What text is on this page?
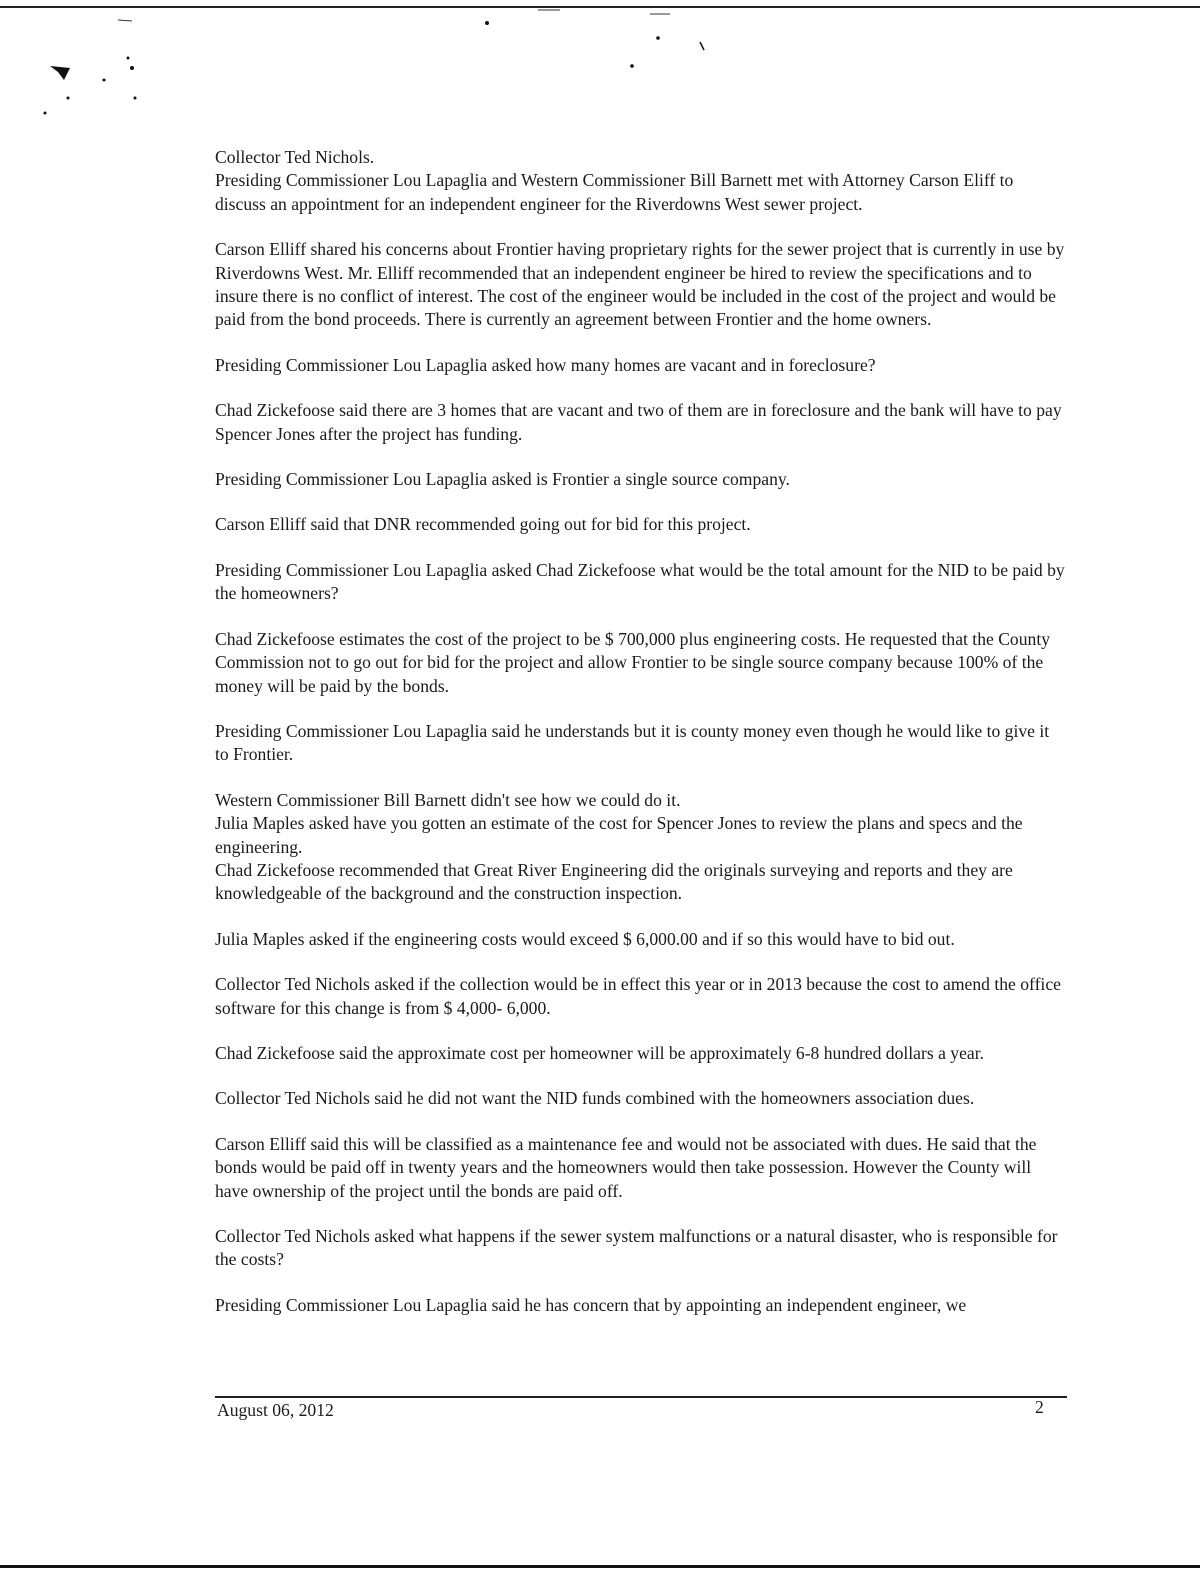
Collector Ted Nichols.

Presiding Commissioner Lou Lapaglia and Western Commissioner Bill Barnett met with Attorney Carson Eliff to discuss an appointment for an independent engineer for the Riverdowns West sewer project.

Carson Elliff shared his concerns about Frontier having proprietary rights for the sewer project that is currently in use by Riverdowns West. Mr. Elliff recommended that an independent engineer be hired to review the specifications and to insure there is no conflict of interest. The cost of the engineer would be included in the cost of the project and would be paid from the bond proceeds. There is currently an agreement between Frontier and the home owners.

Presiding Commissioner Lou Lapaglia asked how many homes are vacant and in foreclosure?

Chad Zickefoose said there are 3 homes that are vacant and two of them are in foreclosure and the bank will have to pay Spencer Jones after the project has funding.

Presiding Commissioner Lou Lapaglia asked is Frontier a single source company.

Carson Elliff said that DNR recommended going out for bid for this project.

Presiding Commissioner Lou Lapaglia asked Chad Zickefoose what would be the total amount for the NID to be paid by the homeowners?

Chad Zickefoose estimates the cost of the project to be $ 700,000 plus engineering costs. He requested that the County Commission not to go out for bid for the project and allow Frontier to be single source company because 100% of the money will be paid by the bonds.

Presiding Commissioner Lou Lapaglia said he understands but it is county money even though he would like to give it to Frontier.

Western Commissioner Bill Barnett didn't see how we could do it.

Julia Maples asked have you gotten an estimate of the cost for Spencer Jones to review the plans and specs and the engineering.

Chad Zickefoose recommended that Great River Engineering did the originals surveying and reports and they are knowledgeable of the background and the construction inspection.

Julia Maples asked if the engineering costs would exceed $ 6,000.00 and if so this would have to bid out.

Collector Ted Nichols asked if the collection would be in effect this year or in 2013 because the cost to amend the office software for this change is from $ 4,000- 6,000.

Chad Zickefoose said the approximate cost per homeowner will be approximately 6-8 hundred dollars a year.

Collector Ted Nichols said he did not want the NID funds combined with the homeowners association dues.

Carson Elliff said this will be classified as a maintenance fee and would not be associated with dues. He said that the bonds would be paid off in twenty years and the homeowners would then take possession. However the County will have ownership of the project until the bonds are paid off.

Collector Ted Nichols asked what happens if the sewer system malfunctions or a natural disaster, who is responsible for the costs?

Presiding Commissioner Lou Lapaglia said he has concern that by appointing an independent engineer, we

August 06, 2012	2
